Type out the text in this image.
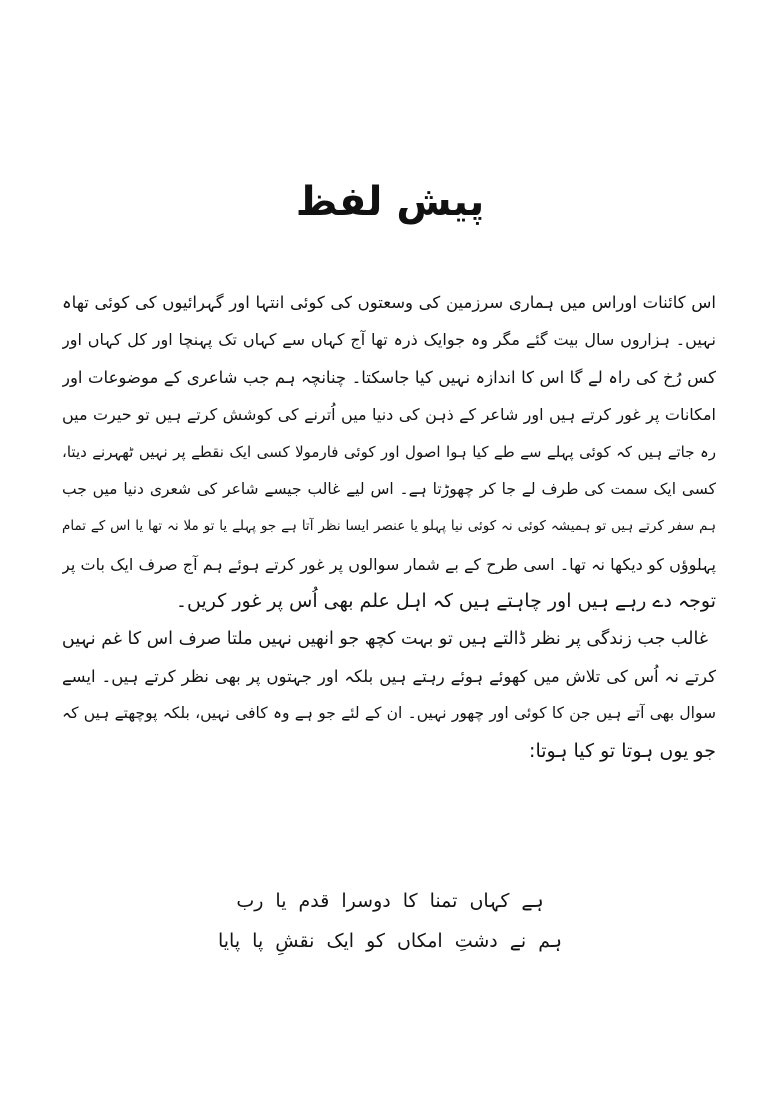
پیش لفظ
اس کائنات اوراس میں ہماری سرزمین کی وسعتوں کی کوئی انتہا اور گہرائیوں کی کوئی تھاہ
نہیں۔ ہزاروں سال بیت گئے مگر وہ جوایک ذرہ تھا آج کہاں سے کہاں تک پہنچا اور کل کہاں اور
کس رُخ کی راہ لے گا اس کا اندازہ نہیں کیا جاسکتا۔ چنانچہ ہم جب شاعری کے موضوعات اور
امکانات پر غور کرتے ہیں اور شاعر کے ذہن کی دنیا میں اُترنے کی کوشش کرتے ہیں تو حیرت میں
رہ جاتے ہیں کہ کوئی پہلے سے طے کیا ہوا اصول اور کوئی فارمولا کسی ایک نقطے پر نہیں ٹھہرنے دیتا،
کسی ایک سمت کی طرف لے جا کر چھوڑتا ہے۔ اس لیے غالب جیسے شاعر کی شعری دنیا میں جب
ہم سفر کرتے ہیں تو ہمیشہ کوئی نہ کوئی نیا پہلو یا عنصر ایسا نظر آتا ہے جو پہلے یا تو ملا نہ تھا یا اس کے تمام
پہلوؤں کو دیکھا نہ تھا۔ اسی طرح کے بے شمار سوالوں پر غور کرتے ہوئے ہم آج صرف ایک بات پر
توجہ دے رہے ہیں اور چاہتے ہیں کہ اہل علم بھی اُس پر غور کریں۔
غالب جب زندگی پر نظر ڈالتے ہیں تو بہت کچھ جو انھیں نہیں ملتا صرف اس کا غم نہیں
کرتے نہ اُس کی تلاش میں کھوئے ہوئے رہتے ہیں بلکہ اور جہتوں پر بھی نظر کرتے ہیں۔ ایسے
سوال بھی آتے ہیں جن کا کوئی اور چھور نہیں۔ ان کے لئے جو ہے وہ کافی نہیں، بلکہ پوچھتے ہیں کہ
جو یوں ہوتا تو کیا ہوتا:
ہے کہاں تمنا کا دوسرا قدم یا رب
ہم نے دشتِ امکاں کو ایک نقشِ پا پایا
